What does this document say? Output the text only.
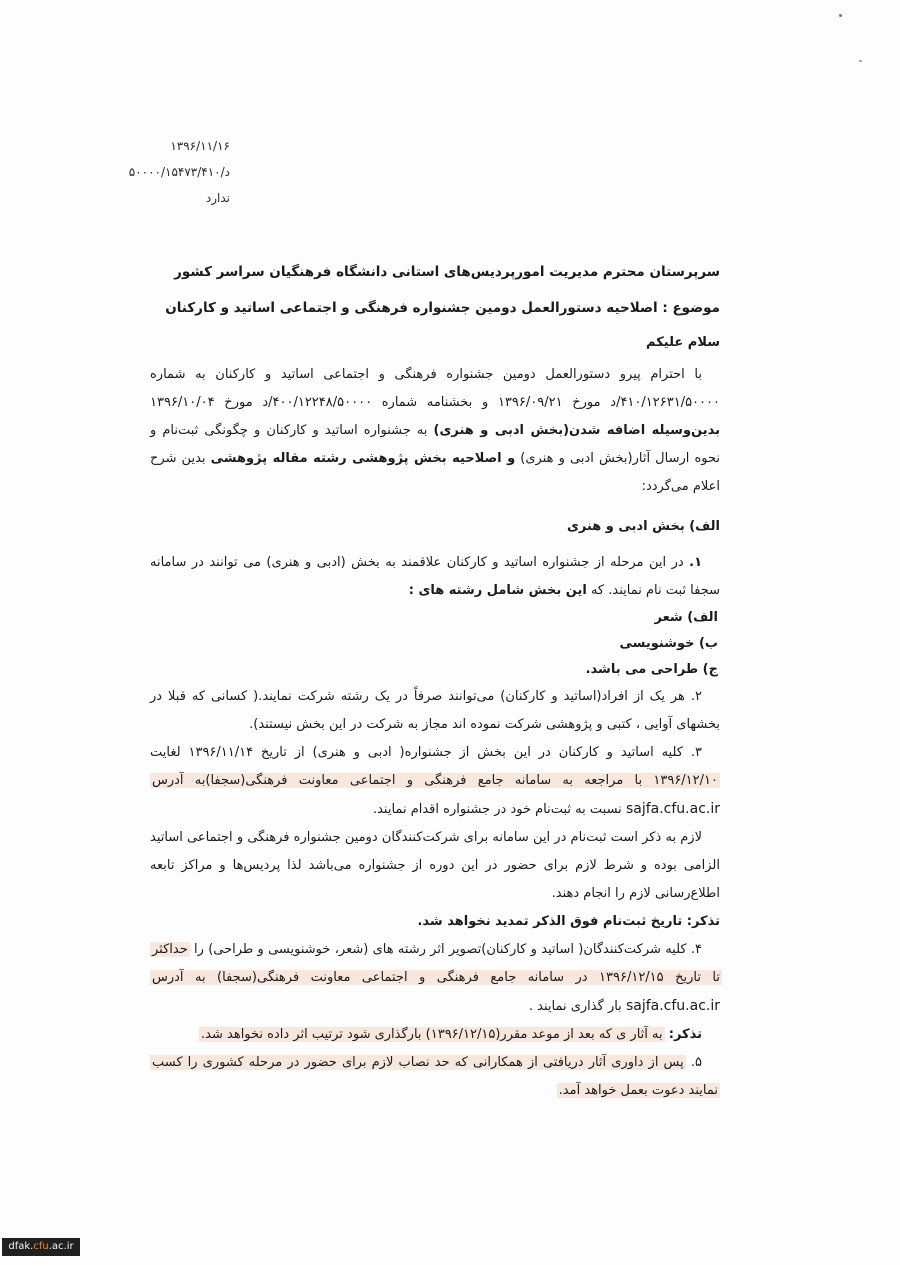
۱۳۹۶/۱۱/۱۶
د/۵۰۰۰۰/۱۵۴۷۳/۴۱۰
ندارد
سرپرستان محترم مدیریت امورپردیس‌های استانی دانشگاه فرهنگیان سراسر کشور
موضوع : اصلاحیه دستورالعمل دومین جشنواره فرهنگی و اجتماعی اساتید و کارکنان
سلام علیکم

با احترام پیرو دستورالعمل دومین جشنواره فرهنگی و اجتماعی اساتید و کارکنان به شماره ۴۱۰/۱۲۶۳۱/۵۰۰۰۰/د مورخ ۱۳۹۶/۰۹/۲۱ و بخشنامه شماره ۴۰۰/۱۲۲۴۸/۵۰۰۰۰/د مورخ ۱۳۹۶/۱۰/۰۴ بدین‌وسیله اضافه شدن(بخش ادبی و هنری) به جشنواره اساتید و کارکنان و چگونگی ثبت‌نام و نحوه ارسال آثار(بخش ادبی و هنری) و اصلاحیه بخش پژوهشی رشته مقاله پژوهشی بدین شرح اعلام می‌گردد:

الف) بخش ادبی و هنری

۱. در این مرحله از جشنواره اساتید و کارکنان علاقمند به بخش (ادبی و هنری) می توانند در سامانه سجفا ثبت نام نمایند. که این بخش شامل رشته های :

الف) شعر
ب) خوشنویسی
ج) طراحی می باشد.

۲. هر یک از افراد(اساتید و کارکنان) می‌توانند صرفاً در یک رشته شرکت نمایند.( کسانی که قبلا در بخشهای آوایی ، کتبی و پژوهشی شرکت نموده اند مجاز به شرکت در این بخش نیستند).

۳. کلیه اساتید و کارکنان در این بخش از جشنواره( ادبی و هنری) از تاریخ ۱۳۹۶/۱۱/۱۴ لغایت ۱۳۹۶/۱۲/۱۰ با مراجعه به سامانه جامع فرهنگی و اجتماعی معاونت فرهنگی(سجفا)به آدرس sajfa.cfu.ac.ir نسبت به ثبت‌نام خود در جشنواره اقدام نمایند.

لازم به ذکر است ثبت‌نام در این سامانه برای شرکت‌کنندگان دومین جشنواره فرهنگی و اجتماعی اساتید الزامی بوده و شرط لازم برای حضور در این دوره از جشنواره می‌باشد لذا پردیس‌ها و مراکز تابعه اطلاع‌رسانی لازم را انجام دهند.

تذکر: تاریخ ثبت‌نام فوق الذکر تمدید نخواهد شد.

۴. کلیه شرکت‌کنندگان( اساتید و کارکنان)تصویر اثر رشته های (شعر، خوشنویسی و طراحی) را حداکثر تا تاریخ ۱۳۹۶/۱۲/۱۵ در سامانه جامع فرهنگی و اجتماعی معاونت فرهنگی(سجفا) به آدرس sajfa.cfu.ac.ir بار گذاری نمایند .

تذکر: به آثار ی که بعد از موعد مقرر(۱۳۹۶/۱۲/۱۵) بارگذاری شود ترتیب اثر داده نخواهد شد.

۵. پس از داوری آثار دریافتی از همکارانی که حد نصاب لازم برای حضور در مرحله کشوری را کسب نمایند دعوت بعمل خواهد آمد.

dfak.cfu.ac.ir
